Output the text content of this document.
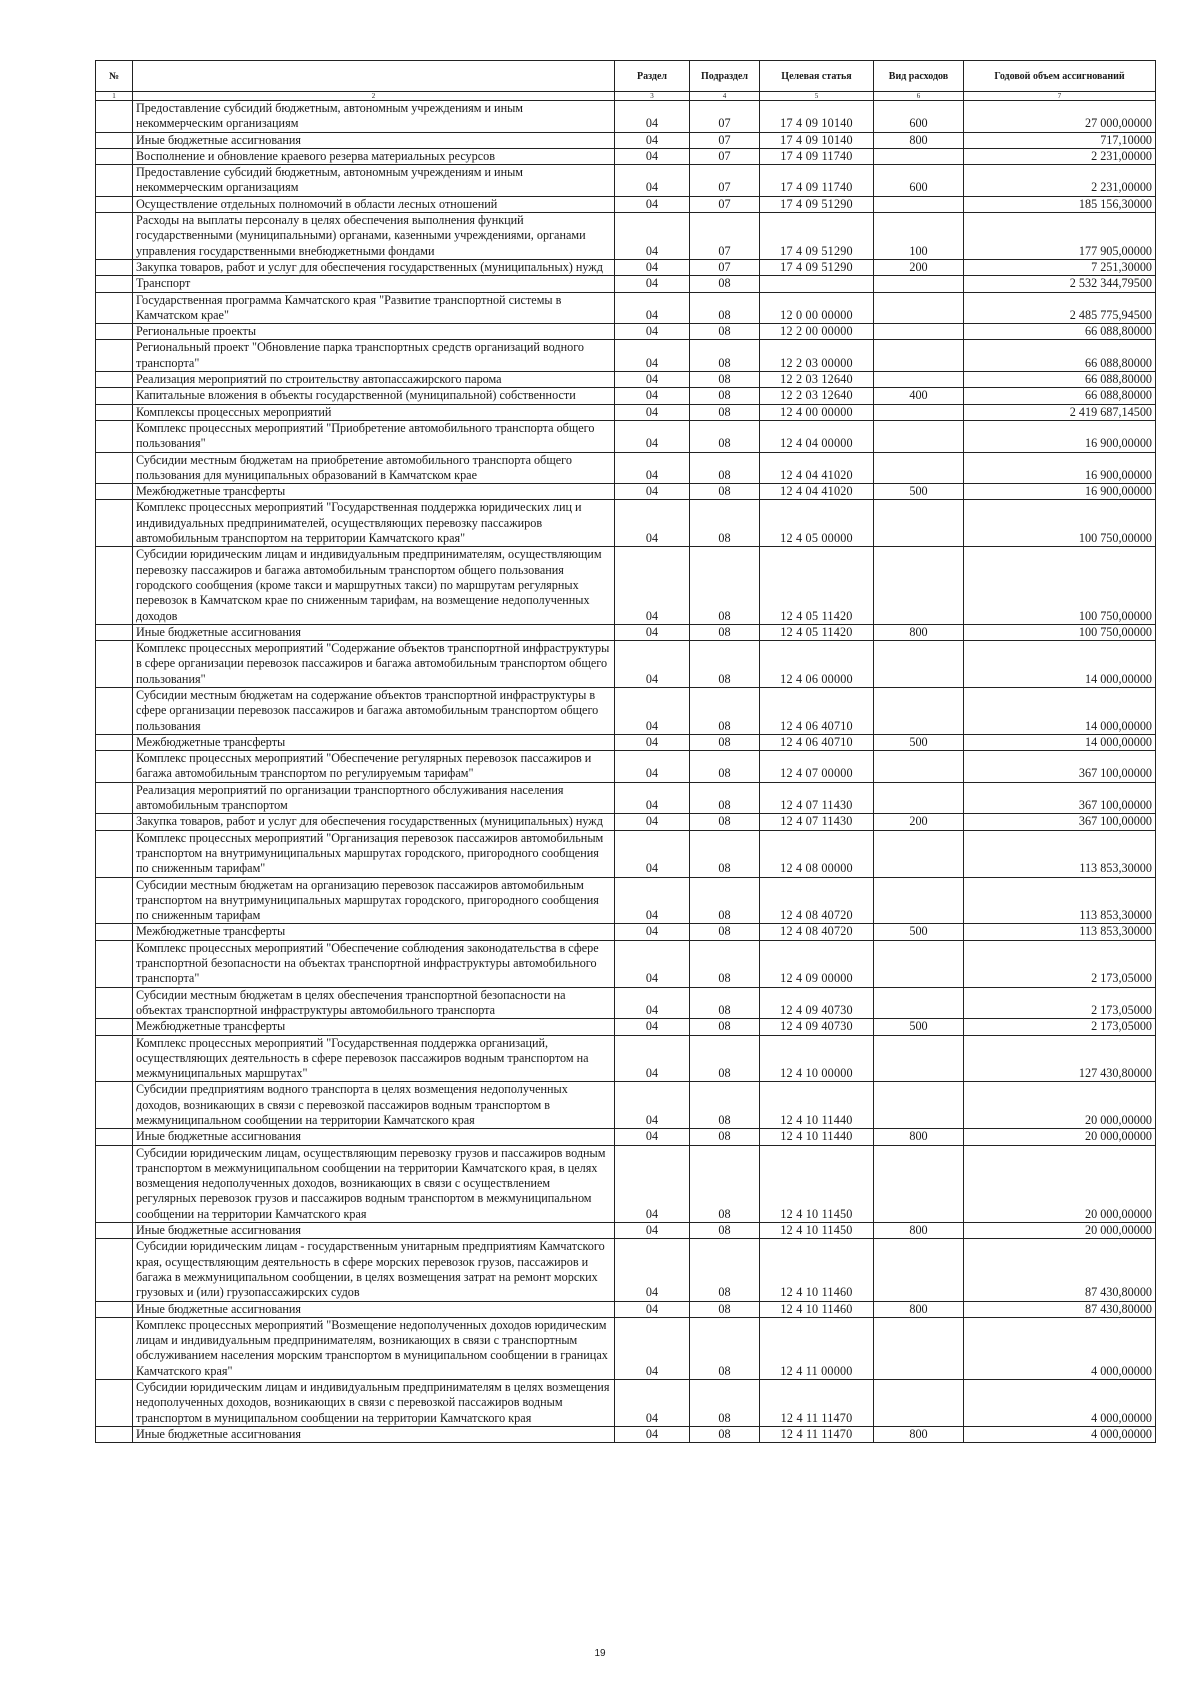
№		Раздел	Подраздел	Целевая статья	Вид расходов	Годовой объем ассигнований
1	2	3	4	5	6	7
	Предоставление субсидий бюджетным, автономным учреждениям и иным некоммерческим организациям	04	07	17 4 09 10140	600	27 000,00000
	Иные бюджетные ассигнования	04	07	17 4 09 10140	800	717,10000
	Восполнение и обновление краевого резерва материальных ресурсов	04	07	17 4 09 11740		2 231,00000
	Предоставление субсидий бюджетным, автономным учреждениям и иным некоммерческим организациям	04	07	17 4 09 11740	600	2 231,00000
	Осуществление отдельных полномочий в области лесных отношений	04	07	17 4 09 51290		185 156,30000
	Расходы на выплаты персоналу в целях обеспечения выполнения функций государственными (муниципальными) органами, казенными учреждениями, органами управления государственными внебюджетными фондами	04	07	17 4 09 51290	100	177 905,00000
	Закупка товаров, работ и услуг для обеспечения государственных (муниципальных) нужд	04	07	17 4 09 51290	200	7 251,30000
	Транспорт	04	08			2 532 344,79500
	Государственная программа Камчатского края "Развитие транспортной системы в Камчатском крае"	04	08	12 0 00 00000		2 485 775,94500
	Региональные проекты	04	08	12 2 00 00000		66 088,80000
	Региональный проект "Обновление парка транспортных средств организаций водного транспорта"	04	08	12 2 03 00000		66 088,80000
	Реализация мероприятий по строительству автопассажирского парома	04	08	12 2 03 12640		66 088,80000
	Капитальные вложения в объекты государственной (муниципальной) собственности	04	08	12 2 03 12640	400	66 088,80000
	Комплексы процессных мероприятий	04	08	12 4 00 00000		2 419 687,14500
	Комплекс процессных мероприятий "Приобретение автомобильного транспорта общего пользования"	04	08	12 4 04 00000		16 900,00000
	Субсидии местным бюджетам на приобретение автомобильного транспорта общего пользования для муниципальных образований в Камчатском крае	04	08	12 4 04 41020		16 900,00000
	Межбюджетные трансферты	04	08	12 4 04 41020	500	16 900,00000
	Комплекс процессных мероприятий "Государственная поддержка юридических лиц и индивидуальных предпринимателей, осуществляющих перевозку пассажиров автомобильным транспортом на территории Камчатского края"	04	08	12 4 05 00000		100 750,00000
	Субсидии юридическим лицам и индивидуальным предпринимателям, осуществляющим перевозку пассажиров и багажа автомобильным транспортом общего пользования городского сообщения (кроме такси и маршрутных такси) по маршрутам регулярных перевозок в Камчатском крае по сниженным тарифам, на возмещение недополученных доходов	04	08	12 4 05 11420		100 750,00000
	Иные бюджетные ассигнования	04	08	12 4 05 11420	800	100 750,00000
	Комплекс процессных мероприятий "Содержание объектов транспортной инфраструктуры в сфере организации перевозок пассажиров и багажа автомобильным транспортом общего пользования"	04	08	12 4 06 00000		14 000,00000
	Субсидии местным бюджетам на содержание объектов транспортной инфраструктуры в сфере организации перевозок пассажиров и багажа автомобильным транспортом общего пользования	04	08	12 4 06 40710		14 000,00000
	Межбюджетные трансферты	04	08	12 4 06 40710	500	14 000,00000
	Комплекс процессных мероприятий "Обеспечение регулярных перевозок пассажиров и багажа автомобильным транспортом по регулируемым тарифам"	04	08	12 4 07 00000		367 100,00000
	Реализация мероприятий по организации транспортного обслуживания населения автомобильным транспортом	04	08	12 4 07 11430		367 100,00000
	Закупка товаров, работ и услуг для обеспечения государственных (муниципальных) нужд	04	08	12 4 07 11430	200	367 100,00000
	Комплекс процессных мероприятий "Организация перевозок пассажиров автомобильным транспортом на внутримуниципальных маршрутах городского, пригородного сообщения по сниженным тарифам"	04	08	12 4 08 00000		113 853,30000
	Субсидии местным бюджетам на организацию перевозок пассажиров автомобильным транспортом на внутримуниципальных маршрутах городского, пригородного сообщения по сниженным тарифам	04	08	12 4 08 40720		113 853,30000
	Межбюджетные трансферты	04	08	12 4 08 40720	500	113 853,30000
	Комплекс процессных мероприятий "Обеспечение соблюдения законодательства в сфере транспортной безопасности на объектах транспортной инфраструктуры автомобильного транспорта"	04	08	12 4 09 00000		2 173,05000
	Субсидии местным бюджетам в целях обеспечения транспортной безопасности на объектах транспортной инфраструктуры автомобильного транспорта	04	08	12 4 09 40730		2 173,05000
	Межбюджетные трансферты	04	08	12 4 09 40730	500	2 173,05000
	Комплекс процессных мероприятий "Государственная поддержка организаций, осуществляющих деятельность в сфере перевозок пассажиров водным транспортом на межмуниципальных маршрутах"	04	08	12 4 10 00000		127 430,80000
	Субсидии предприятиям водного транспорта в целях возмещения недополученных доходов, возникающих в связи с перевозкой пассажиров водным транспортом в межмуниципальном сообщении на территории Камчатского края	04	08	12 4 10 11440		20 000,00000
	Иные бюджетные ассигнования	04	08	12 4 10 11440	800	20 000,00000
	Субсидии юридическим лицам, осуществляющим перевозку грузов и пассажиров водным транспортом в межмуниципальном сообщении на территории Камчатского края, в целях возмещения недополученных доходов, возникающих в связи с осуществлением регулярных перевозок грузов и пассажиров водным транспортом в межмуниципальном сообщении на территории Камчатского края	04	08	12 4 10 11450		20 000,00000
	Иные бюджетные ассигнования	04	08	12 4 10 11450	800	20 000,00000
	Субсидии юридическим лицам - государственным унитарным предприятиям Камчатского края, осуществляющим деятельность в сфере морских перевозок грузов, пассажиров и багажа в межмуниципальном сообщении, в целях возмещения затрат на ремонт морских грузовых и (или) грузопассажирских судов	04	08	12 4 10 11460		87 430,80000
	Иные бюджетные ассигнования	04	08	12 4 10 11460	800	87 430,80000
	Комплекс процессных мероприятий "Возмещение недополученных доходов юридическим лицам и индивидуальным предпринимателям, возникающих в связи с транспортным обслуживанием населения морским транспортом в муниципальном сообщении в границах Камчатского края"	04	08	12 4 11 00000		4 000,00000
	Субсидии юридическим лицам и индивидуальным предпринимателям в целях возмещения недополученных доходов, возникающих в связи с перевозкой пассажиров водным транспортом в муниципальном сообщении на территории Камчатского края	04	08	12 4 11 11470		4 000,00000
	Иные бюджетные ассигнования	04	08	12 4 11 11470	800	4 000,00000
19
